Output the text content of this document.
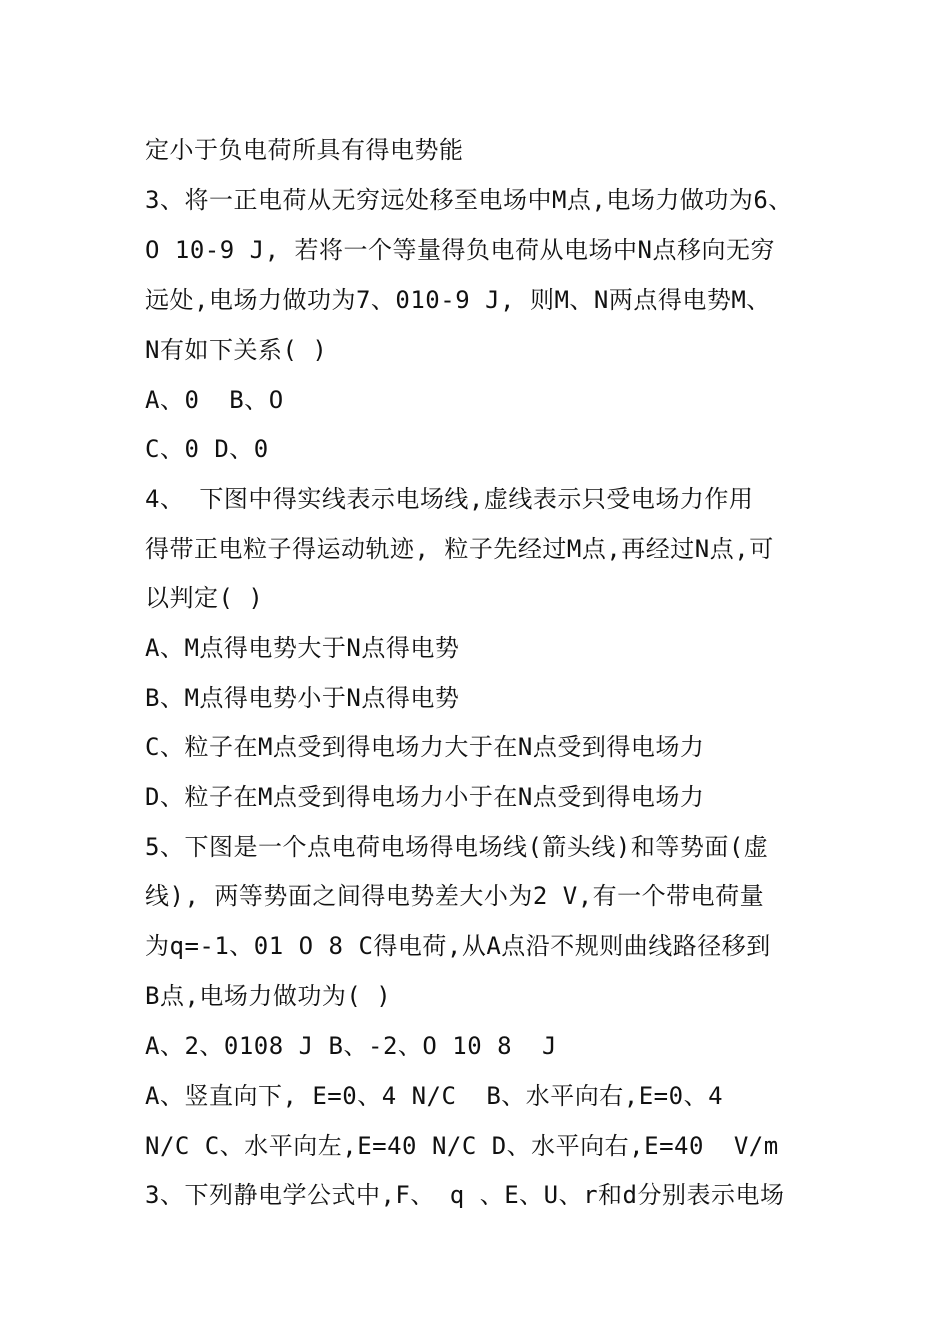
定小于负电荷所具有得电势能
3、将一正电荷从无穷远处移至电场中M点,电场力做功为6、
O 10-9 J, 若将一个等量得负电荷从电场中N点移向无穷
远处,电场力做功为7、010-9 J, 则M、N两点得电势M、
N有如下关系( )
A、0  B、O
C、0 D、0
4、 下图中得实线表示电场线,虚线表示只受电场力作用
得带正电粒子得运动轨迹, 粒子先经过M点,再经过N点,可
以判定( )
A、M点得电势大于N点得电势
B、M点得电势小于N点得电势
C、粒子在M点受到得电场力大于在N点受到得电场力
D、粒子在M点受到得电场力小于在N点受到得电场力
5、下图是一个点电荷电场得电场线(箭头线)和等势面(虚
线), 两等势面之间得电势差大小为2 V,有一个带电荷量
为q=-1、01 O 8 C得电荷,从A点沿不规则曲线路径移到
B点,电场力做功为( )
A、2、0108 J B、-2、O 10 8  J
A、竖直向下, E=0、4 N/C  B、水平向右,E=0、4
N/C C、水平向左,E=40 N/C D、水平向右,E=40  V/m
3、下列静电学公式中,F、 q 、E、U、r和d分别表示电场
